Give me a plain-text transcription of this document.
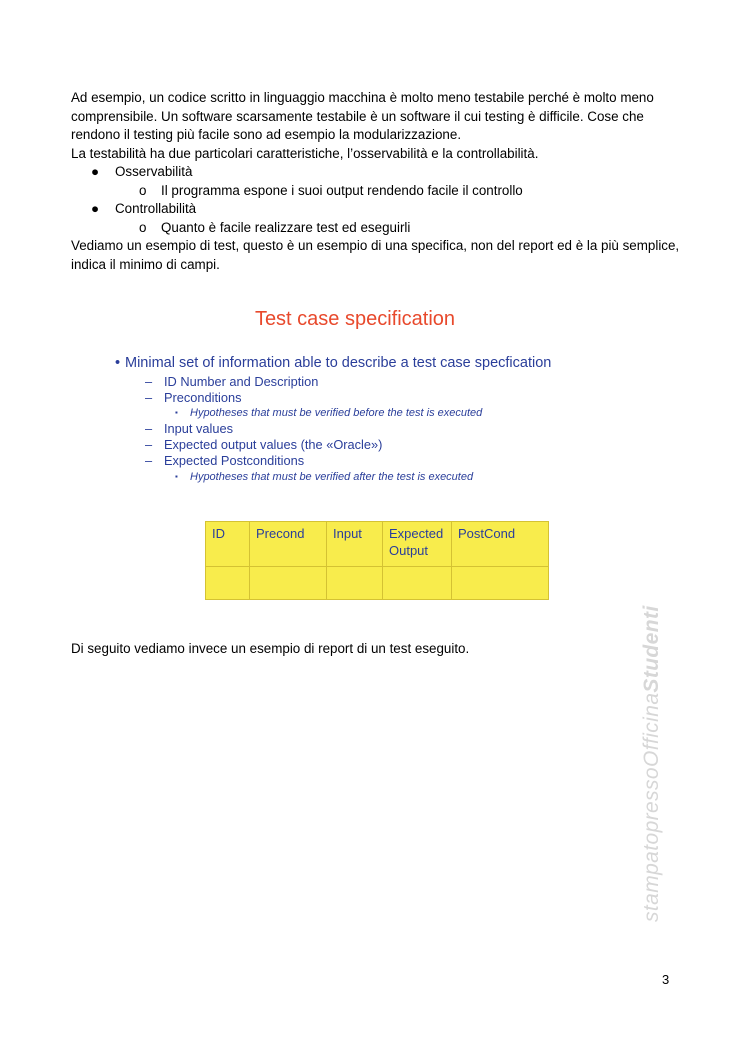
Ad esempio, un codice scritto in linguaggio macchina è molto meno testabile perché è molto meno comprensibile. Un software scarsamente testabile è un software il cui testing è difficile. Cose che rendono il testing più facile sono ad esempio la modularizzazione.

La testabilità ha due particolari caratteristiche, l’osservabilità e la controllabilità.

● Osservabilità
o Il programma espone i suoi output rendendo facile il controllo
● Controllabilità
o Quanto è facile realizzare test ed eseguirli

Vediamo un esempio di test, questo è un esempio di una specifica, non del report ed è la più semplice, indica il minimo di campi.

Test case specification
• Minimal set of information able to describe a test case specfication
– ID Number and Description
– Preconditions
▪ Hypotheses that must be verified before the test is executed
– Input values
– Expected output values (the «Oracle»)
– Expected Postconditions
▪ Hypotheses that must be verified after the test is executed
ID	Precond	Input	Expected Output	PostCond

Di seguito vediamo invece un esempio di report di un test eseguito.
stampatopressoOfficinaStudenti
3
